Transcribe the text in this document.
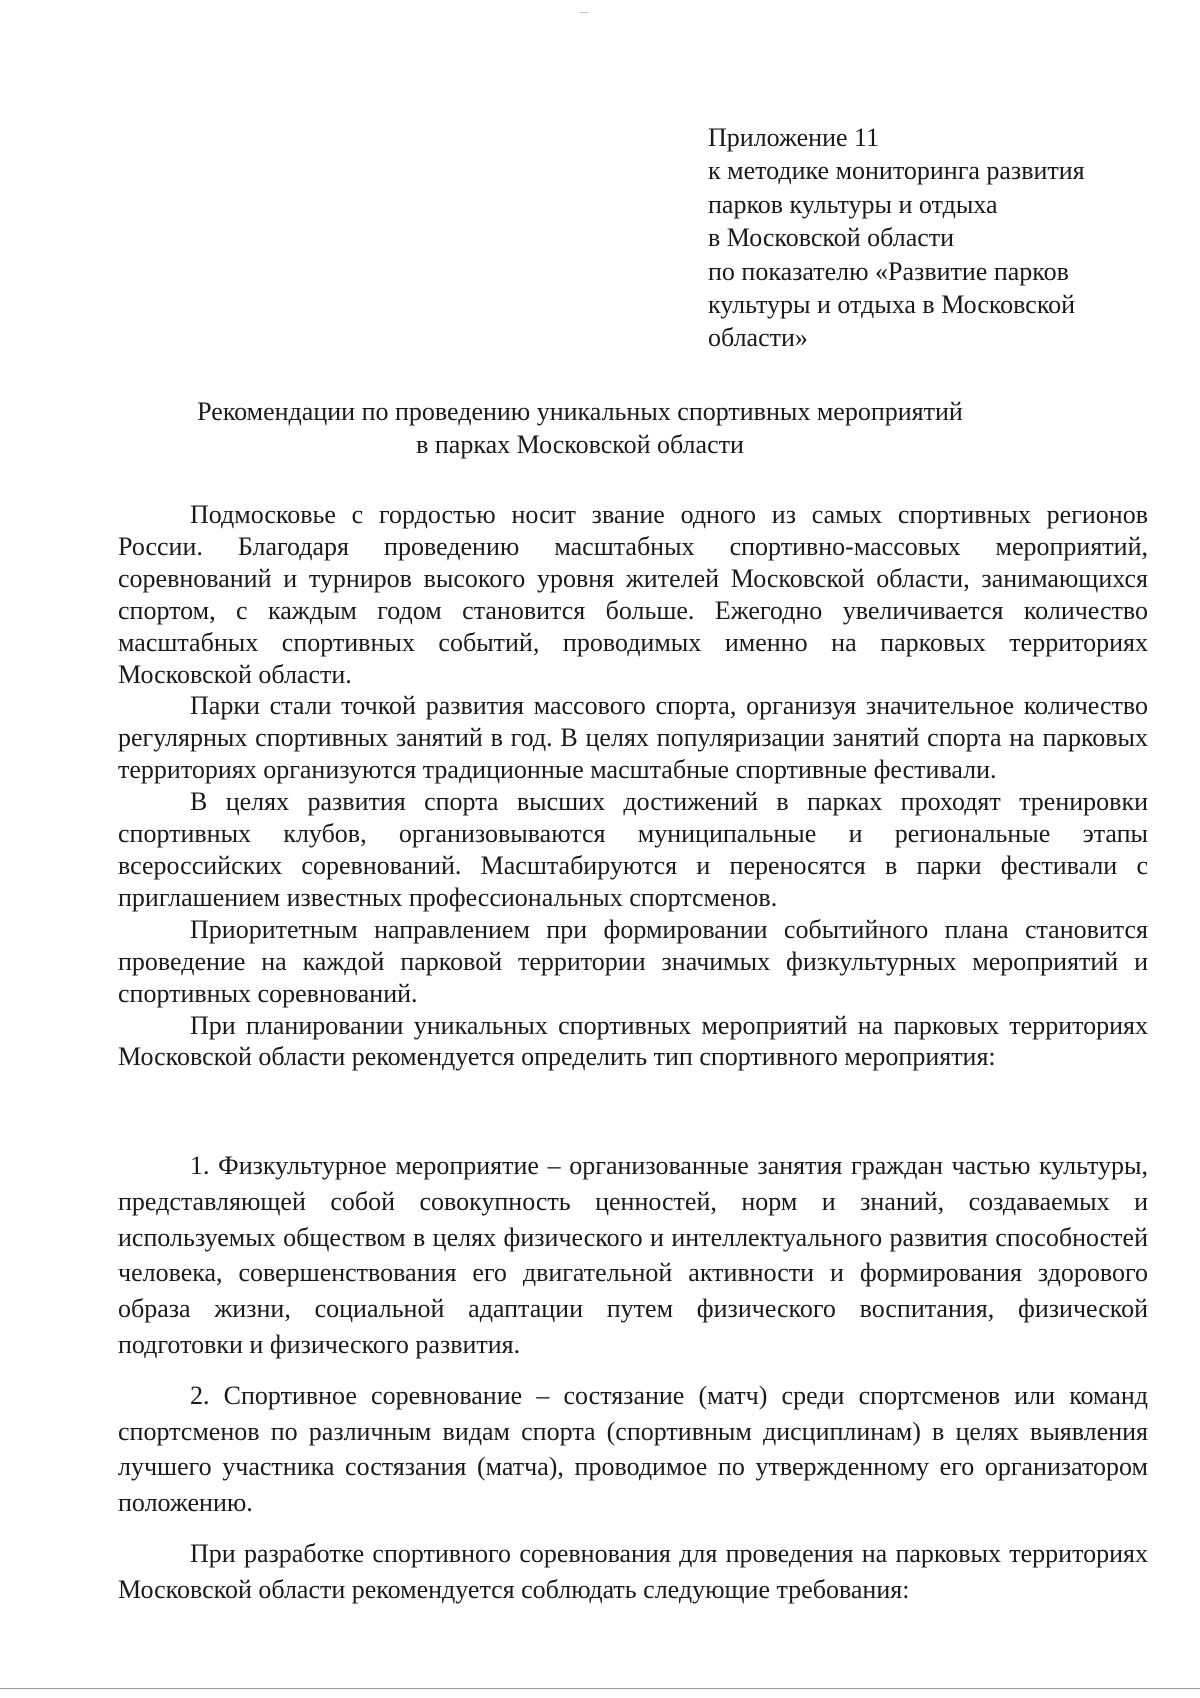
Приложение 11
к методике мониторинга развития
парков культуры и отдыха
в Московской области
по показателю «Развитие парков
культуры и отдыха в Московской
области»
Рекомендации по проведению уникальных спортивных мероприятий
в парках Московской области

Подмосковье с гордостью носит звание одного из самых спортивных регионов России. Благодаря проведению масштабных спортивно-массовых мероприятий, соревнований и турниров высокого уровня жителей Московской области, занимающихся спортом, с каждым годом становится больше. Ежегодно увеличивается количество масштабных спортивных событий, проводимых именно на парковых территориях Московской области.

Парки стали точкой развития массового спорта, организуя значительное количество регулярных спортивных занятий в год. В целях популяризации занятий спорта на парковых территориях организуются традиционные масштабные спортивные фестивали.

В целях развития спорта высших достижений в парках проходят тренировки спортивных клубов, организовываются муниципальные и региональные этапы всероссийских соревнований. Масштабируются и переносятся в парки фестивали с приглашением известных профессиональных спортсменов.

Приоритетным направлением при формировании событийного плана становится проведение на каждой парковой территории значимых физкультурных мероприятий и спортивных соревнований.

При планировании уникальных спортивных мероприятий на парковых территориях Московской области рекомендуется определить тип спортивного мероприятия:

1. Физкультурное мероприятие – организованные занятия граждан частью культуры, представляющей собой совокупность ценностей, норм и знаний, создаваемых и используемых обществом в целях физического и интеллектуального развития способностей человека, совершенствования его двигательной активности и формирования здорового образа жизни, социальной адаптации путем физического воспитания, физической подготовки и физического развития.

2. Спортивное соревнование – состязание (матч) среди спортсменов или команд спортсменов по различным видам спорта (спортивным дисциплинам) в целях выявления лучшего участника состязания (матча), проводимое по утвержденному его организатором положению.

При разработке спортивного соревнования для проведения на парковых территориях Московской области рекомендуется соблюдать следующие требования:
